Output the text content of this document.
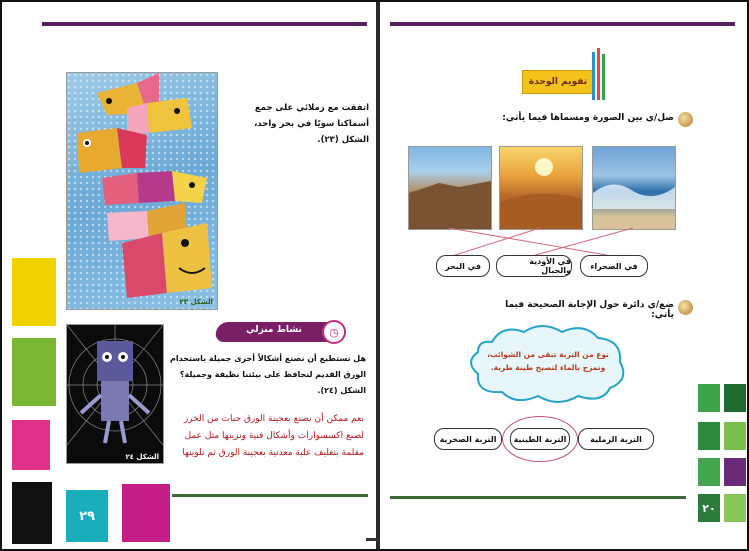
٢٩
الشكل ٢٣
اتفقت مع زملائي على جمع أسماكنا سويًا في بحر واحد، الشكل (٢٣).
الشكل ٢٤
نشاط منزلي	◷
هل نستطيع أن نصنع أشكالاً أخرى جميلة باستخدام الورق القديم لنحافظ على بيئتنا نظيفة وجميلة؟ الشكل (٢٤).
نعم ممكن أن نصنع بعجينة الورق حبات من الخرز لصنع اكسسوارات وأشكال فنية ونزينها مثل عمل مقلمة بتغليف علبة معدنية بعجينة الورق ثم تلوينها
تقويم الوحدة
صل/ي بين الصورة ومسماها فيما يأتي:
في الصحراء
في الأودية والجبال
في البحر
ضع/ي دائرة حول الإجابة الصحيحة فيما يأتي:
نوع من التربة تنقى من الشوائب، وتمزج بالماء لتصبح طينة طرية.
التربة الرملية
التربة الطينية
التربة الصخرية
٢٠
